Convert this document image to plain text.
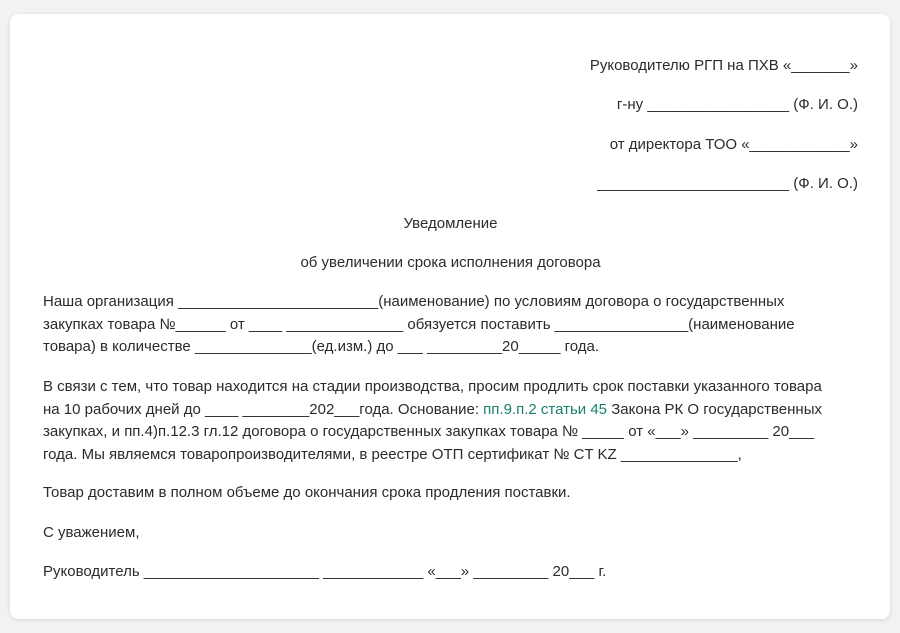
Руководителю РГП на ПХВ «_______»
г-ну _________________ (Ф. И. О.)
от директора ТОО «____________»
_______________________ (Ф. И. О.)
Уведомление
об увеличении срока исполнения договора
Наша организация ________________________(наименование) по условиям договора о государственных
закупках товара №______ от ____ ______________ обязуется поставить ________________(наименование
товара) в количестве ______________(ед.изм.) до ___ _________20_____ года.
В связи с тем, что товар находится на стадии производства, просим продлить срок поставки указанного товара
на 10 рабочих дней до ____ ________202___года. Основание: пп.9.п.2 статьи 45 Закона РК О государственных
закупках, и пп.4)п.12.3 гл.12 договора о государственных закупках товара № _____ от «___» _________ 20___
года. Мы являемся товаропроизводителями, в реестре ОТП сертификат № CT KZ ______________,
Товар доставим в полном объеме до окончания срока продления поставки.
С уважением,
Руководитель _____________________ ____________ «___» _________ 20___ г.
